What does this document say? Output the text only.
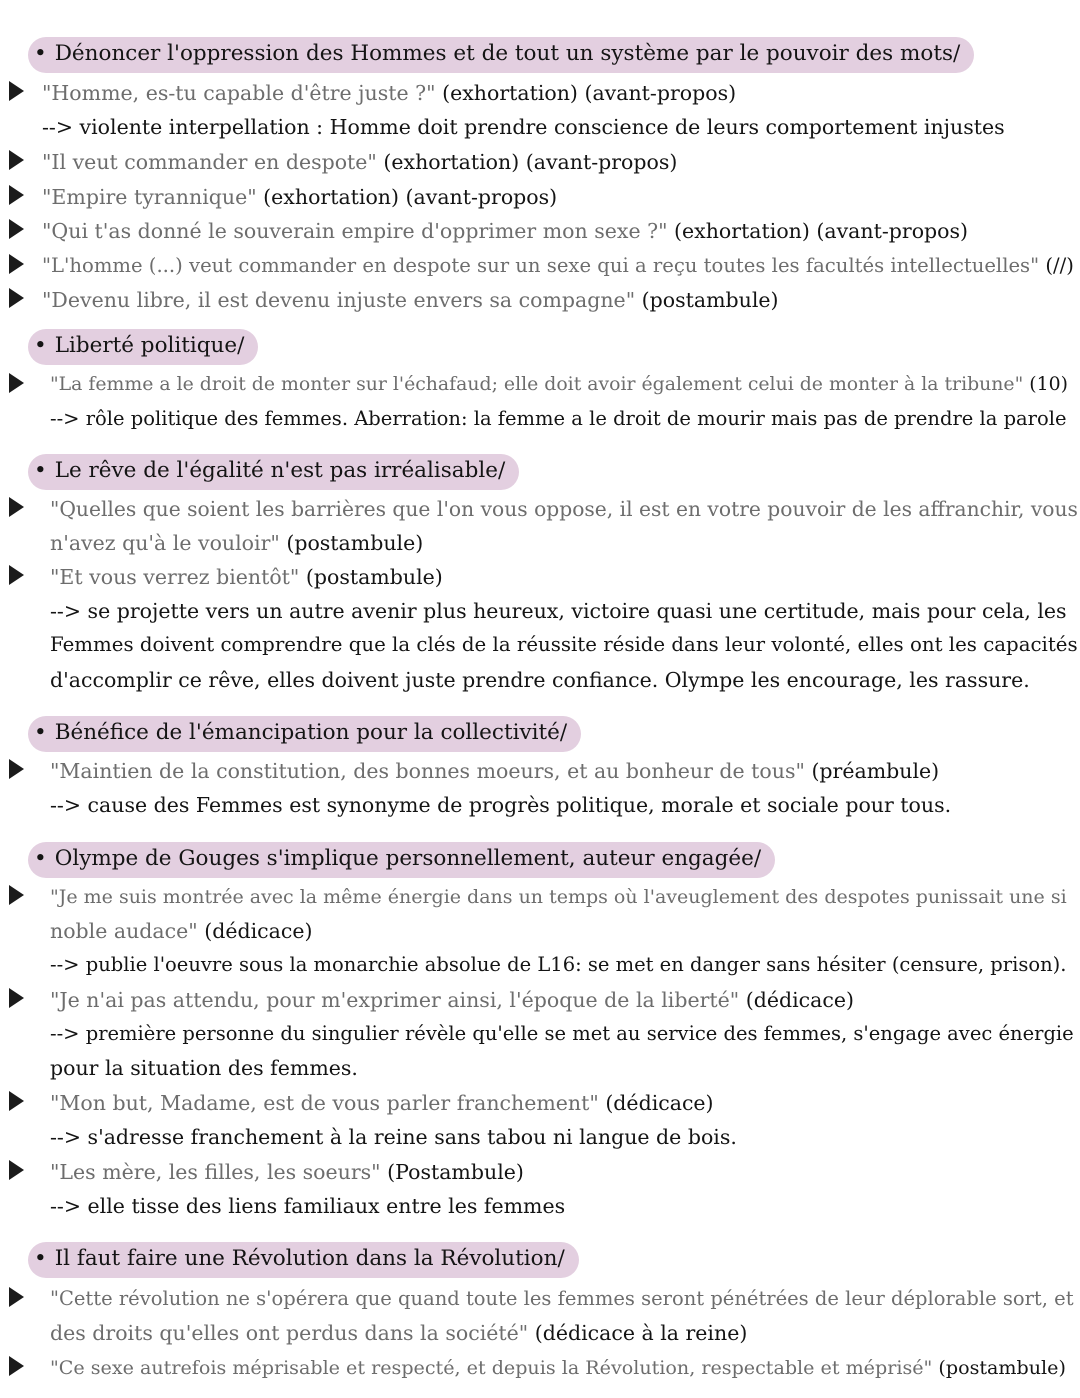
• Dénoncer l'oppression des Hommes et de tout un système par le pouvoir des mots/
"Homme, es-tu capable d'être juste ?" (exhortation) (avant-propos)
--> violente interpellation : Homme doit prendre conscience de leurs comportement injustes
"Il veut commander en despote" (exhortation) (avant-propos)
"Empire tyrannique" (exhortation) (avant-propos)
"Qui t'as donné le souverain empire d'opprimer mon sexe ?" (exhortation) (avant-propos)
"L'homme (...) veut commander en despote sur un sexe qui a reçu toutes les facultés intellectuelles" (//)
"Devenu libre, il est devenu injuste envers sa compagne" (postambule)
• Liberté politique/
"La femme a le droit de monter sur l'échafaud; elle doit avoir également celui de monter à la tribune" (10)
--> rôle politique des femmes. Aberration: la femme a le droit de mourir mais pas de prendre la parole
• Le rêve de l'égalité n'est pas irréalisable/
"Quelles que soient les barrières que l'on vous oppose, il est en votre pouvoir de les affranchir, vous
n'avez qu'à le vouloir" (postambule)
"Et vous verrez bientôt" (postambule)
--> se projette vers un autre avenir plus heureux, victoire quasi une certitude, mais pour cela, les
Femmes doivent comprendre que la clés de la réussite réside dans leur volonté, elles ont les capacités
d'accomplir ce rêve, elles doivent juste prendre confiance. Olympe les encourage, les rassure.
• Bénéfice de l'émancipation pour la collectivité/
"Maintien de la constitution, des bonnes moeurs, et au bonheur de tous" (préambule)
--> cause des Femmes est synonyme de progrès politique, morale et sociale pour tous.
• Olympe de Gouges s'implique personnellement, auteur engagée/
"Je me suis montrée avec la même énergie dans un temps où l'aveuglement des despotes punissait une si
noble audace" (dédicace)
--> publie l'oeuvre sous la monarchie absolue de L16: se met en danger sans hésiter (censure, prison).
"Je n'ai pas attendu, pour m'exprimer ainsi, l'époque de la liberté" (dédicace)
--> première personne du singulier révèle qu'elle se met au service des femmes, s'engage avec énergie
pour la situation des femmes.
"Mon but, Madame, est de vous parler franchement" (dédicace)
--> s'adresse franchement à la reine sans tabou ni langue de bois.
"Les mère, les filles, les soeurs" (Postambule)
--> elle tisse des liens familiaux entre les femmes
• Il faut faire une Révolution dans la Révolution/
"Cette révolution ne s'opérera que quand toute les femmes seront pénétrées de leur déplorable sort, et
des droits qu'elles ont perdus dans la société" (dédicace à la reine)
"Ce sexe autrefois méprisable et respecté, et depuis la Révolution, respectable et méprisé" (postambule)
